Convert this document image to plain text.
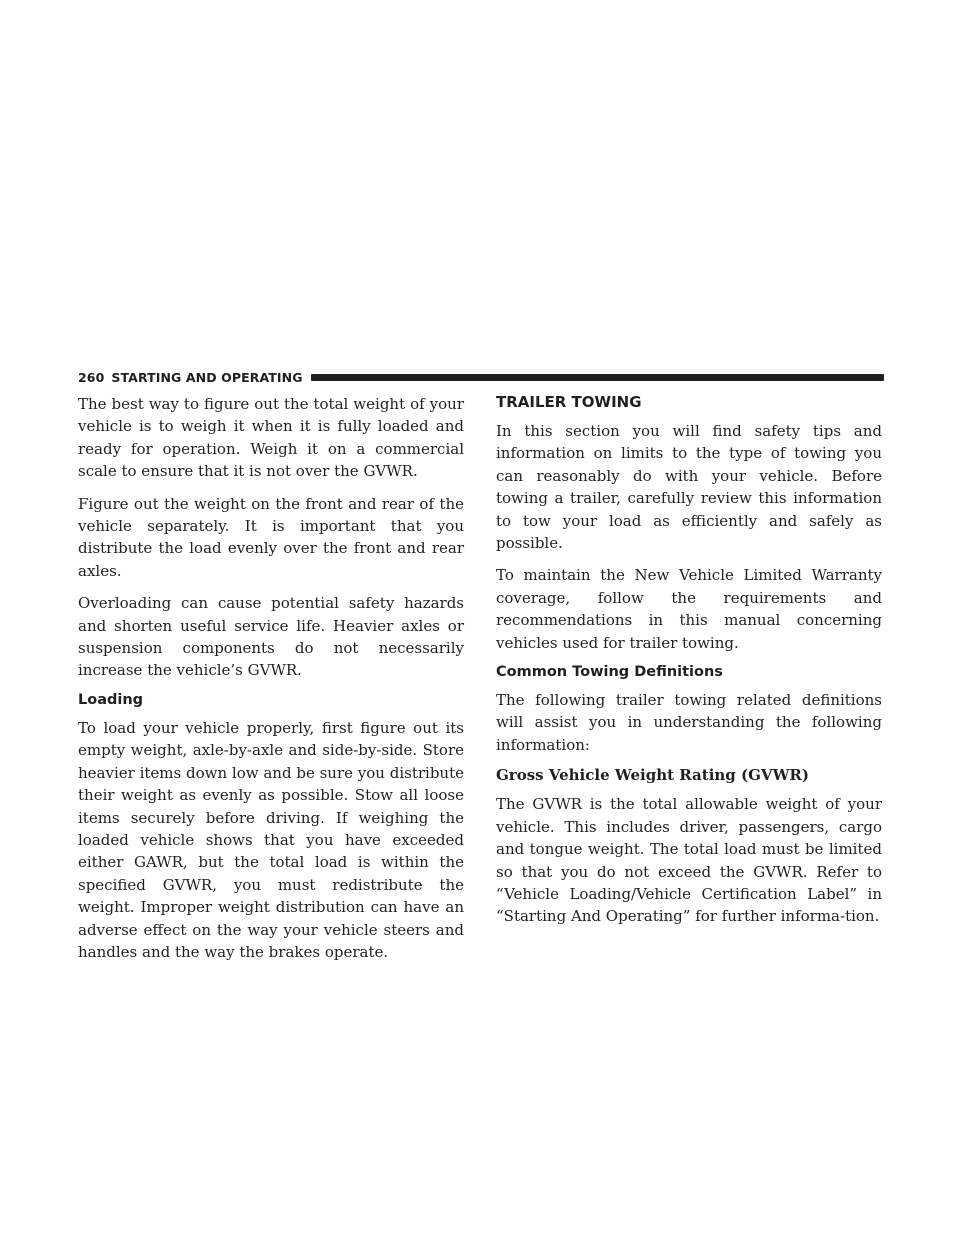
260 STARTING AND OPERATING

The best way to figure out the total weight of your vehicle is to weigh it when it is fully loaded and ready for operation. Weigh it on a commercial scale to ensure that it is not over the GVWR.

Figure out the weight on the front and rear of the vehicle separately. It is important that you distribute the load evenly over the front and rear axles.

Overloading can cause potential safety hazards and shorten useful service life. Heavier axles or suspension components do not necessarily increase the vehicle’s GVWR.

Loading

To load your vehicle properly, first figure out its empty weight, axle-by-axle and side-by-side. Store heavier items down low and be sure you distribute their weight as evenly as possible. Stow all loose items securely before driving. If weighing the loaded vehicle shows that you have exceeded either GAWR, but the total load is within the specified GVWR, you must redistribute the weight. Improper weight distribution can have an adverse effect on the way your vehicle steers and handles and the way the brakes operate.

TRAILER TOWING

In this section you will find safety tips and information on limits to the type of towing you can reasonably do with your vehicle. Before towing a trailer, carefully review this information to tow your load as efficiently and safely as possible.

To maintain the New Vehicle Limited Warranty coverage, follow the requirements and recommendations in this manual concerning vehicles used for trailer towing.

Common Towing Definitions

The following trailer towing related definitions will assist you in understanding the following information:

Gross Vehicle Weight Rating (GVWR)

The GVWR is the total allowable weight of your vehicle. This includes driver, passengers, cargo and tongue weight. The total load must be limited so that you do not exceed the GVWR. Refer to “Vehicle Loading/Vehicle Certification Label” in “Starting And Operating” for further informa-tion.
